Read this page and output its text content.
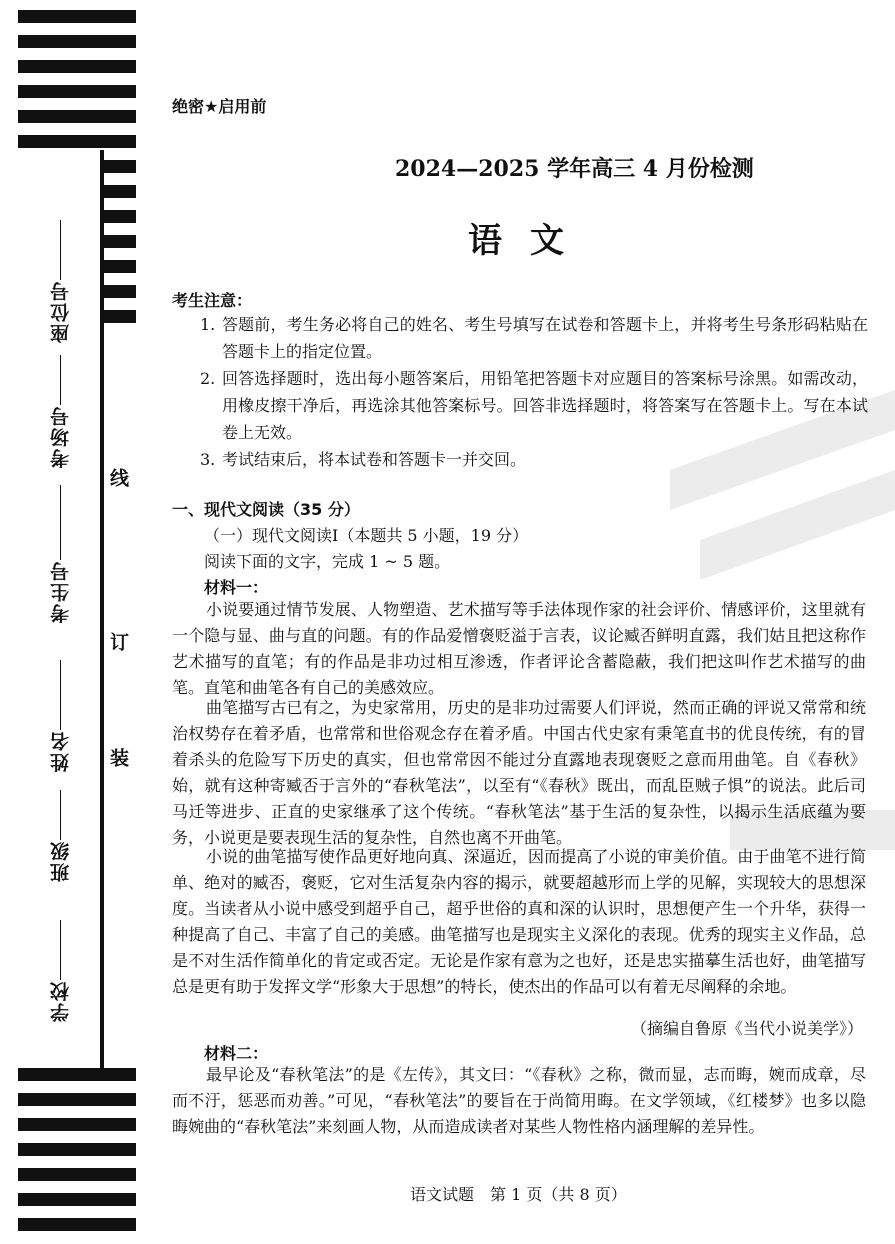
座位号
考场号
考生号
姓名
班级
学校
线
订
装
绝密★启用前
2024—2025 学年高三 4 月份检测
语文
考生注意：
1. 答题前，考生务必将自己的姓名、考生号填写在试卷和答题卡上，并将考生号条形码粘贴在答题卡上的指定位置。
2. 回答选择题时，选出每小题答案后，用铅笔把答题卡对应题目的答案标号涂黑。如需改动，用橡皮擦干净后，再选涂其他答案标号。回答非选择题时，将答案写在答题卡上。写在本试卷上无效。
3. 考试结束后，将本试卷和答题卡一并交回。
一、现代文阅读（35 分）
（一）现代文阅读Ⅰ（本题共 5 小题，19 分）
阅读下面的文字，完成 1 ~ 5 题。
材料一：
小说要通过情节发展、人物塑造、艺术描写等手法体现作家的社会评价、情感评价，这里就有一个隐与显、曲与直的问题。有的作品爱憎褒贬溢于言表，议论臧否鲜明直露，我们姑且把这称作艺术描写的直笔；有的作品是非功过相互渗透，作者评论含蓄隐蔽，我们把这叫作艺术描写的曲笔。直笔和曲笔各有自己的美感效应。
曲笔描写古已有之，为史家常用，历史的是非功过需要人们评说，然而正确的评说又常常和统治权势存在着矛盾，也常常和世俗观念存在着矛盾。中国古代史家有秉笔直书的优良传统，有的冒着杀头的危险写下历史的真实，但也常常因不能过分直露地表现褒贬之意而用曲笔。自《春秋》始，就有这种寄臧否于言外的“春秋笔法”，以至有“《春秋》既出，而乱臣贼子惧”的说法。此后司马迁等进步、正直的史家继承了这个传统。“春秋笔法”基于生活的复杂性，以揭示生活底蕴为要务，小说更是要表现生活的复杂性，自然也离不开曲笔。
小说的曲笔描写使作品更好地向真、深逼近，因而提高了小说的审美价值。由于曲笔不进行简单、绝对的臧否，褒贬，它对生活复杂内容的揭示，就要超越形而上学的见解，实现较大的思想深度。当读者从小说中感受到超乎自己，超乎世俗的真和深的认识时，思想便产生一个升华，获得一种提高了自己、丰富了自己的美感。曲笔描写也是现实主义深化的表现。优秀的现实主义作品，总是不对生活作简单化的肯定或否定。无论是作家有意为之也好，还是忠实描摹生活也好，曲笔描写总是更有助于发挥文学“形象大于思想”的特长，使杰出的作品可以有着无尽阐释的余地。
（摘编自鲁原《当代小说美学》）
材料二：
最早论及“春秋笔法”的是《左传》，其文曰：“《春秋》之称，微而显，志而晦，婉而成章，尽而不汙，惩恶而劝善。”可见，“春秋笔法”的要旨在于尚简用晦。在文学领域，《红楼梦》也多以隐晦婉曲的“春秋笔法”来刻画人物，从而造成读者对某些人物性格内涵理解的差异性。
语文试题　第 1 页（共 8 页）
